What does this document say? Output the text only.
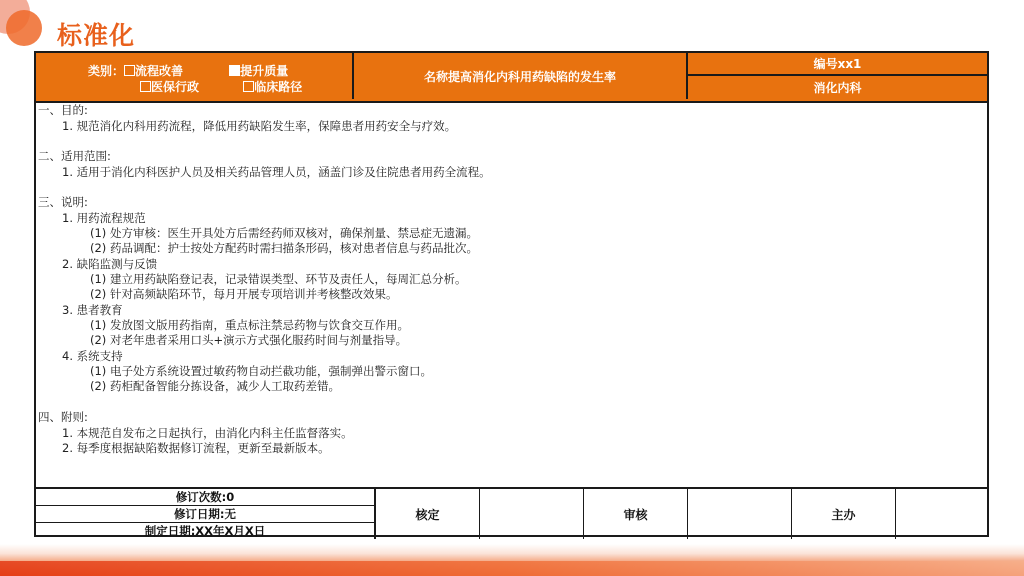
标准化
类别： 流程改善	提升质量
医保行政	临床路径
名称提高消化内科用药缺陷的发生率
编号xx1
消化内科
一、目的:
1. 规范消化内科用药流程，降低用药缺陷发生率，保障患者用药安全与疗效。
二、适用范围:
1. 适用于消化内科医护人员及相关药品管理人员，涵盖门诊及住院患者用药全流程。
三、说明:
1. 用药流程规范
(1) 处方审核：医生开具处方后需经药师双核对，确保剂量、禁忌症无遗漏。
(2) 药品调配：护士按处方配药时需扫描条形码，核对患者信息与药品批次。
2. 缺陷监测与反馈
(1) 建立用药缺陷登记表，记录错误类型、环节及责任人，每周汇总分析。
(2) 针对高频缺陷环节，每月开展专项培训并考核整改效果。
3. 患者教育
(1) 发放图文版用药指南，重点标注禁忌药物与饮食交互作用。
(2) 对老年患者采用口头+演示方式强化服药时间与剂量指导。
4. 系统支持
(1) 电子处方系统设置过敏药物自动拦截功能，强制弹出警示窗口。
(2) 药柜配备智能分拣设备，减少人工取药差错。
四、附则:
1. 本规范自发布之日起执行，由消化内科主任监督落实。
2. 每季度根据缺陷数据修订流程，更新至最新版本。
修订次数:0
修订日期:无
制定日期:XX年X月X日
核定	审核	主办
